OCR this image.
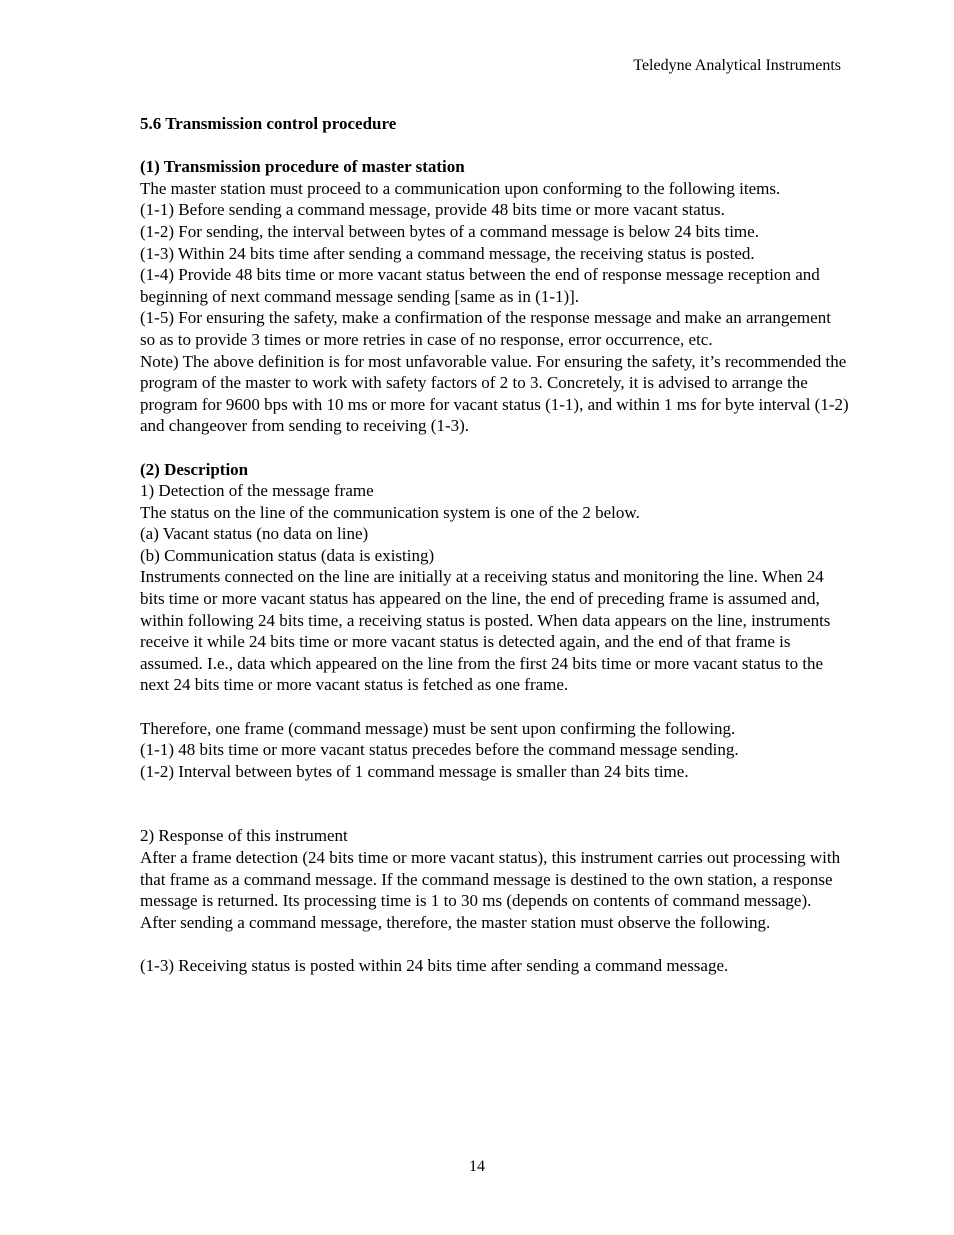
Teledyne Analytical Instruments

5.6 Transmission control procedure

(1) Transmission procedure of master station

The master station must proceed to a communication upon conforming to the following items.

(1-1) Before sending a command message, provide 48 bits time or more vacant status.

(1-2) For sending, the interval between bytes of a command message is below 24 bits time.

(1-3) Within 24 bits time after sending a command message, the receiving status is posted.

(1-4) Provide 48 bits time or more vacant status between the end of response message reception and beginning of next command message sending [same as in (1-1)].

(1-5) For ensuring the safety, make a confirmation of the response message and make an arrangement so as to provide 3 times or more retries in case of no response, error occurrence, etc.

Note) The above definition is for most unfavorable value. For ensuring the safety, it’s recommended the program of the master to work with safety factors of 2 to 3. Concretely, it is advised to arrange the program for 9600 bps with 10 ms or more for vacant status (1-1), and within 1 ms for byte interval (1-2) and changeover from sending to receiving (1-3).

(2) Description

1) Detection of the message frame

The status on the line of the communication system is one of the 2 below.

(a) Vacant status (no data on line)

(b) Communication status (data is existing)

Instruments connected on the line are initially at a receiving status and monitoring the line. When 24 bits time or more vacant status has appeared on the line, the end of preceding frame is assumed and, within following 24 bits time, a receiving status is posted. When data appears on the line, instruments receive it while 24 bits time or more vacant status is detected again, and the end of that frame is assumed. I.e., data which appeared on the line from the first 24 bits time or more vacant status to the next 24 bits time or more vacant status is fetched as one frame.

Therefore, one frame (command message) must be sent upon confirming the following.

(1-1) 48 bits time or more vacant status precedes before the command message sending.

(1-2) Interval between bytes of 1 command message is smaller than 24 bits time.

2) Response of this instrument

After a frame detection (24 bits time or more vacant status), this instrument carries out processing with that frame as a command message. If the command message is destined to the own station, a response message is returned. Its processing time is 1 to 30 ms (depends on contents of command message). After sending a command message, therefore, the master station must observe the following.

(1-3) Receiving status is posted within 24 bits time after sending a command message.

14
